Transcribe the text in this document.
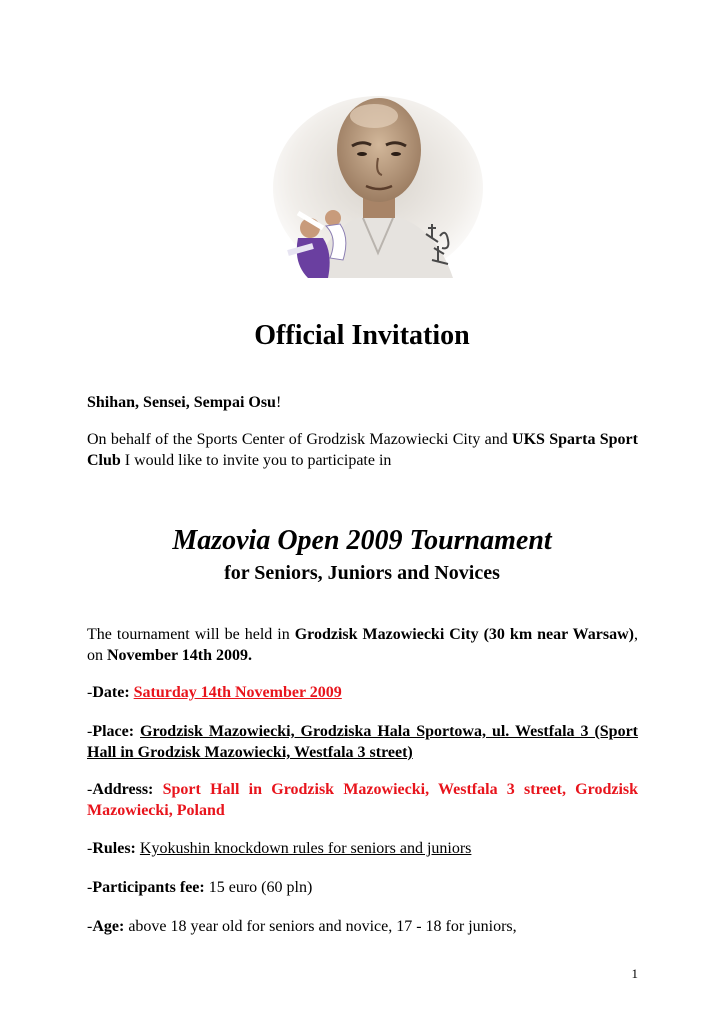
Official Invitation

Shihan, Sensei, Sempai Osu!

On behalf of the Sports Center of Grodzisk Mazowiecki City and UKS Sparta Sport Club I would like to invite you to participate in

Mazovia Open 2009 Tournament
for Seniors, Juniors and Novices

The tournament will be held in Grodzisk Mazowiecki City (30 km near Warsaw), on November 14th 2009.

-Date: Saturday 14th November 2009

-Place: Grodzisk Mazowiecki, Grodziska Hala Sportowa, ul. Westfala 3 (Sport Hall in Grodzisk Mazowiecki, Westfala 3 street)

-Address: Sport Hall in Grodzisk Mazowiecki, Westfala 3 street, Grodzisk Mazowiecki, Poland

-Rules: Kyokushin knockdown rules for seniors and juniors

-Participants fee: 15 euro (60 pln)

-Age: above 18 year old for seniors and novice, 17 - 18 for juniors,

1
